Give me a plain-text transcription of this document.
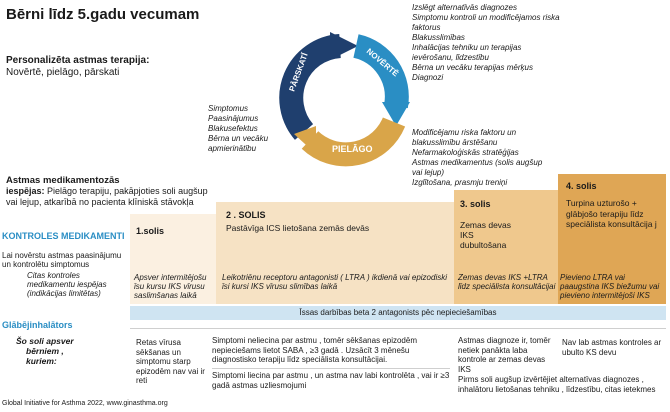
Bērni līdz 5.gadu vecumam
Personalizēta astmas terapija:
Novērtē, pielāgo, pārskati	PĀRSKATĪ	NOVĒRTĒ
PIELĀGO
Izslēgt alternatīvās diagnozes
Simptomu kontroli un modificējamos riska
faktorus
Blakusslimības
Inhalācijas tehniku un terapijas
ievērošanu, līdzestību
Bērna un vecāku terapijas mērķus
Diagnozi
Simptomus
Paasinājumus
Blakusefektus
Bērna un vecāku
apmierinātību
Modificējamu riska faktoru un
blakusslimību ārstēšanu
Nefarmakoloģiskās stratēģijas
Astmas medikamentus (solis augšup
vai lejup)
Izglītošana, prasmju treniņi
Astmas medikamentozās
iespējas: Pielāgo terapiju, pakāpjoties soli augšup vai lejup, atkarībā no pacienta klīniskā stāvokļa
1.solis
2 . SOLIS
Pastāvīga ICS lietošana zemās devās
3. solis
Zemas devas IKS dubultošana
4. solis
Turpina uzturošo + glābjošo terapiju līdz speciālista konsultācija j
KONTROLES MEDIKAMENTI
Lai novērstu astmas paasinājumu un kontrolētu simptomus
Citas kontroles medikamentu iespējas (indikācijas limitētas)
Apsver intermitējošu īsu kursu IKS vīrusu saslimšanas laikā
Leikotriēnu receptoru antagonisti ( LTRA ) ikdienā vai epizodiski īsi kursi IKS vīrusu slimības laikā
Zemas devas IKS +LTRA līdz speciālista konsultācijai
Pievieno LTRA vai paaugstina IKS biežumu vai pievieno intermitējoši IKS
Glābējinhalātors
Īssas darbības beta 2 antagonists pēc nepieciešamības
Šo soli apsver
bērniem ,
kuriem:
Retas vīrusa sēkšanas un simptomu starp epizodēm nav vai ir reti
Simptomi neliecina par astmu , tomēr sēkšanas epizodēm nepieciešams lietot SABA , ≥3 gadā . Uzsācīt 3 mēnešu diagnostisko terapiju līdz speciālista konsultācijai.
Simptomi liecina par astmu , un astma nav labi kontrolēta , vai ir ≥3 gadā astmas uzliesmojumi
Astmas diagnoze ir, tomēr netiek panākta laba kontrole ar zemas devas IKS
Pirms soli augšup izvērtējiet alternatīvas diagnozes , inhalātoru lietošanas tehniku , līdzestību, citas ietekmes
Nav lab astmas kontroles ar ubulto KS devu
Global Initiative for Asthma 2022, www.ginasthma.org
